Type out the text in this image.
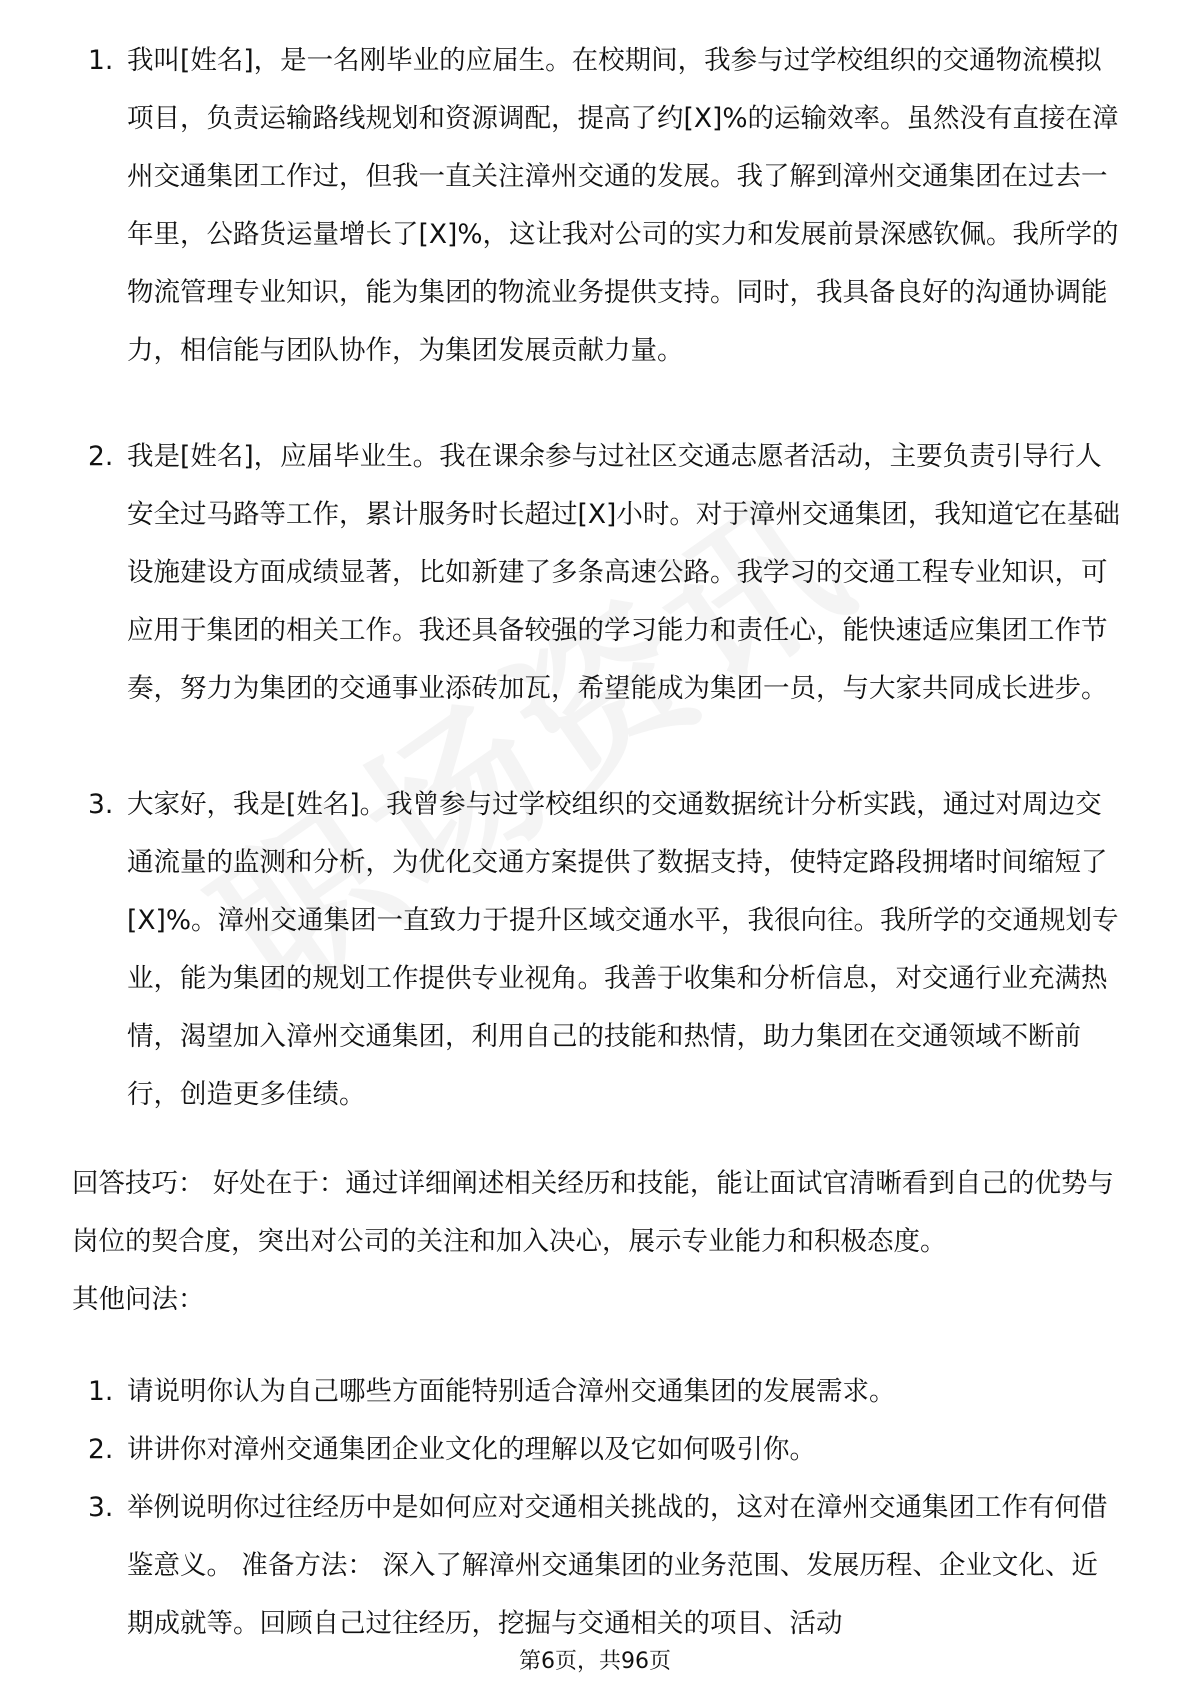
1. 我叫[姓名]，是一名刚毕业的应届生。在校期间，我参与过学校组织的交通物流模拟项目，负责运输路线规划和资源调配，提高了约[X]%的运输效率。虽然没有直接在漳州交通集团工作过，但我一直关注漳州交通的发展。我了解到漳州交通集团在过去一年里，公路货运量增长了[X]%，这让我对公司的实力和发展前景深感钦佩。我所学的物流管理专业知识，能为集团的物流业务提供支持。同时，我具备良好的沟通协调能力，相信能与团队协作，为集团发展贡献力量。
2. 我是[姓名]，应届毕业生。我在课余参与过社区交通志愿者活动，主要负责引导行人安全过马路等工作，累计服务时长超过[X]小时。对于漳州交通集团，我知道它在基础设施建设方面成绩显著，比如新建了多条高速公路。我学习的交通工程专业知识，可应用于集团的相关工作。我还具备较强的学习能力和责任心，能快速适应集团工作节奏，努力为集团的交通事业添砖加瓦，希望能成为集团一员，与大家共同成长进步。
3. 大家好，我是[姓名]。我曾参与过学校组织的交通数据统计分析实践，通过对周边交通流量的监测和分析，为优化交通方案提供了数据支持，使特定路段拥堵时间缩短了[X]%。漳州交通集团一直致力于提升区域交通水平，我很向往。我所学的交通规划专业，能为集团的规划工作提供专业视角。我善于收集和分析信息，对交通行业充满热情，渴望加入漳州交通集团，利用自己的技能和热情，助力集团在交通领域不断前行，创造更多佳绩。
回答技巧： 好处在于：通过详细阐述相关经历和技能，能让面试官清晰看到自己的优势与岗位的契合度，突出对公司的关注和加入决心，展示专业能力和积极态度。
其他问法：
1. 请说明你认为自己哪些方面能特别适合漳州交通集团的发展需求。
2. 讲讲你对漳州交通集团企业文化的理解以及它如何吸引你。
3. 举例说明你过往经历中是如何应对交通相关挑战的，这对在漳州交通集团工作有何借鉴意义。 准备方法： 深入了解漳州交通集团的业务范围、发展历程、企业文化、近期成就等。回顾自己过往经历，挖掘与交通相关的项目、活动
第6页，共96页
